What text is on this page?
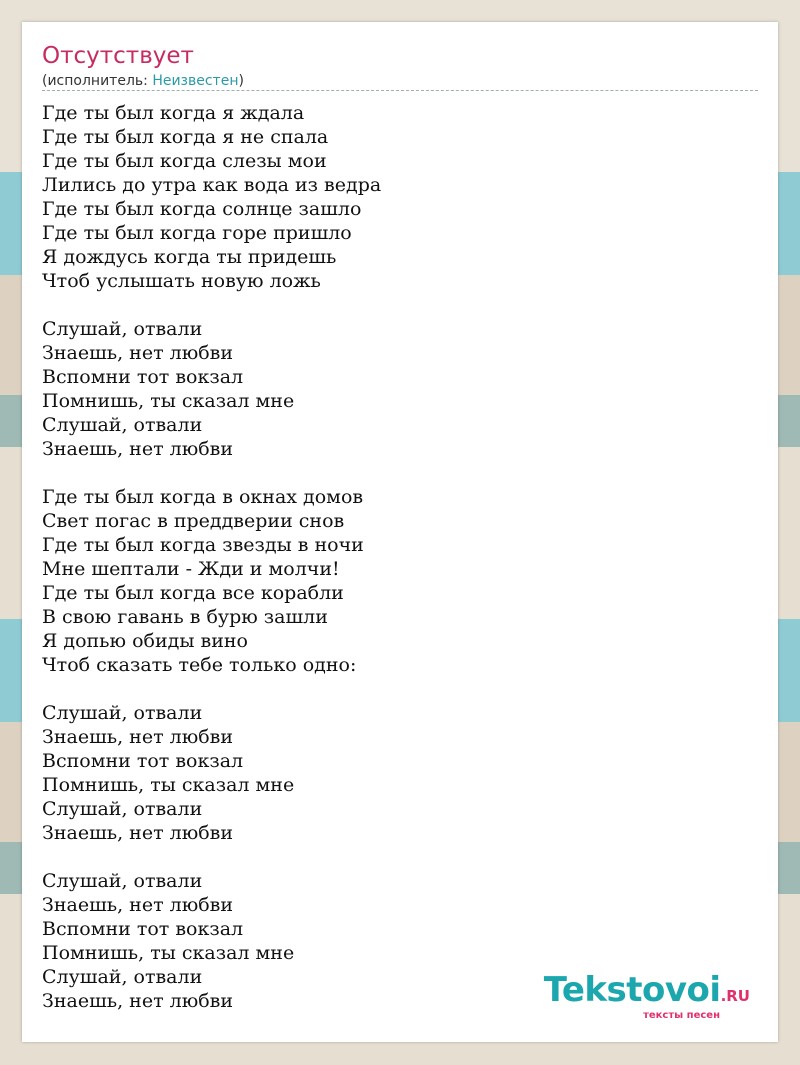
Отсутствует
(исполнитель: Неизвестен)
Где ты был когда я ждала
Где ты был когда я не спала
Где ты был когда слезы мои
Лились до утра как вода из ведра
Где ты был когда солнце зашло
Где ты был когда горе пришло
Я дождусь когда ты придешь
Чтоб услышать новую ложь
Слушай, отвали
Знаешь, нет любви
Вспомни тот вокзал
Помнишь, ты сказал мне
Слушай, отвали
Знаешь, нет любви
Где ты был когда в окнах домов
Свет погас в преддверии снов
Где ты был когда звезды в ночи
Мне шептали - Жди и молчи!
Где ты был когда все корабли
В свою гавань в бурю зашли
Я допью обиды вино
Чтоб сказать тебе только одно:
Слушай, отвали
Знаешь, нет любви
Вспомни тот вокзал
Помнишь, ты сказал мне
Слушай, отвали
Знаешь, нет любви
Слушай, отвали
Знаешь, нет любви
Вспомни тот вокзал
Помнишь, ты сказал мне
Слушай, отвали
Знаешь, нет любви	Tekstovoi.RU
тексты песен
